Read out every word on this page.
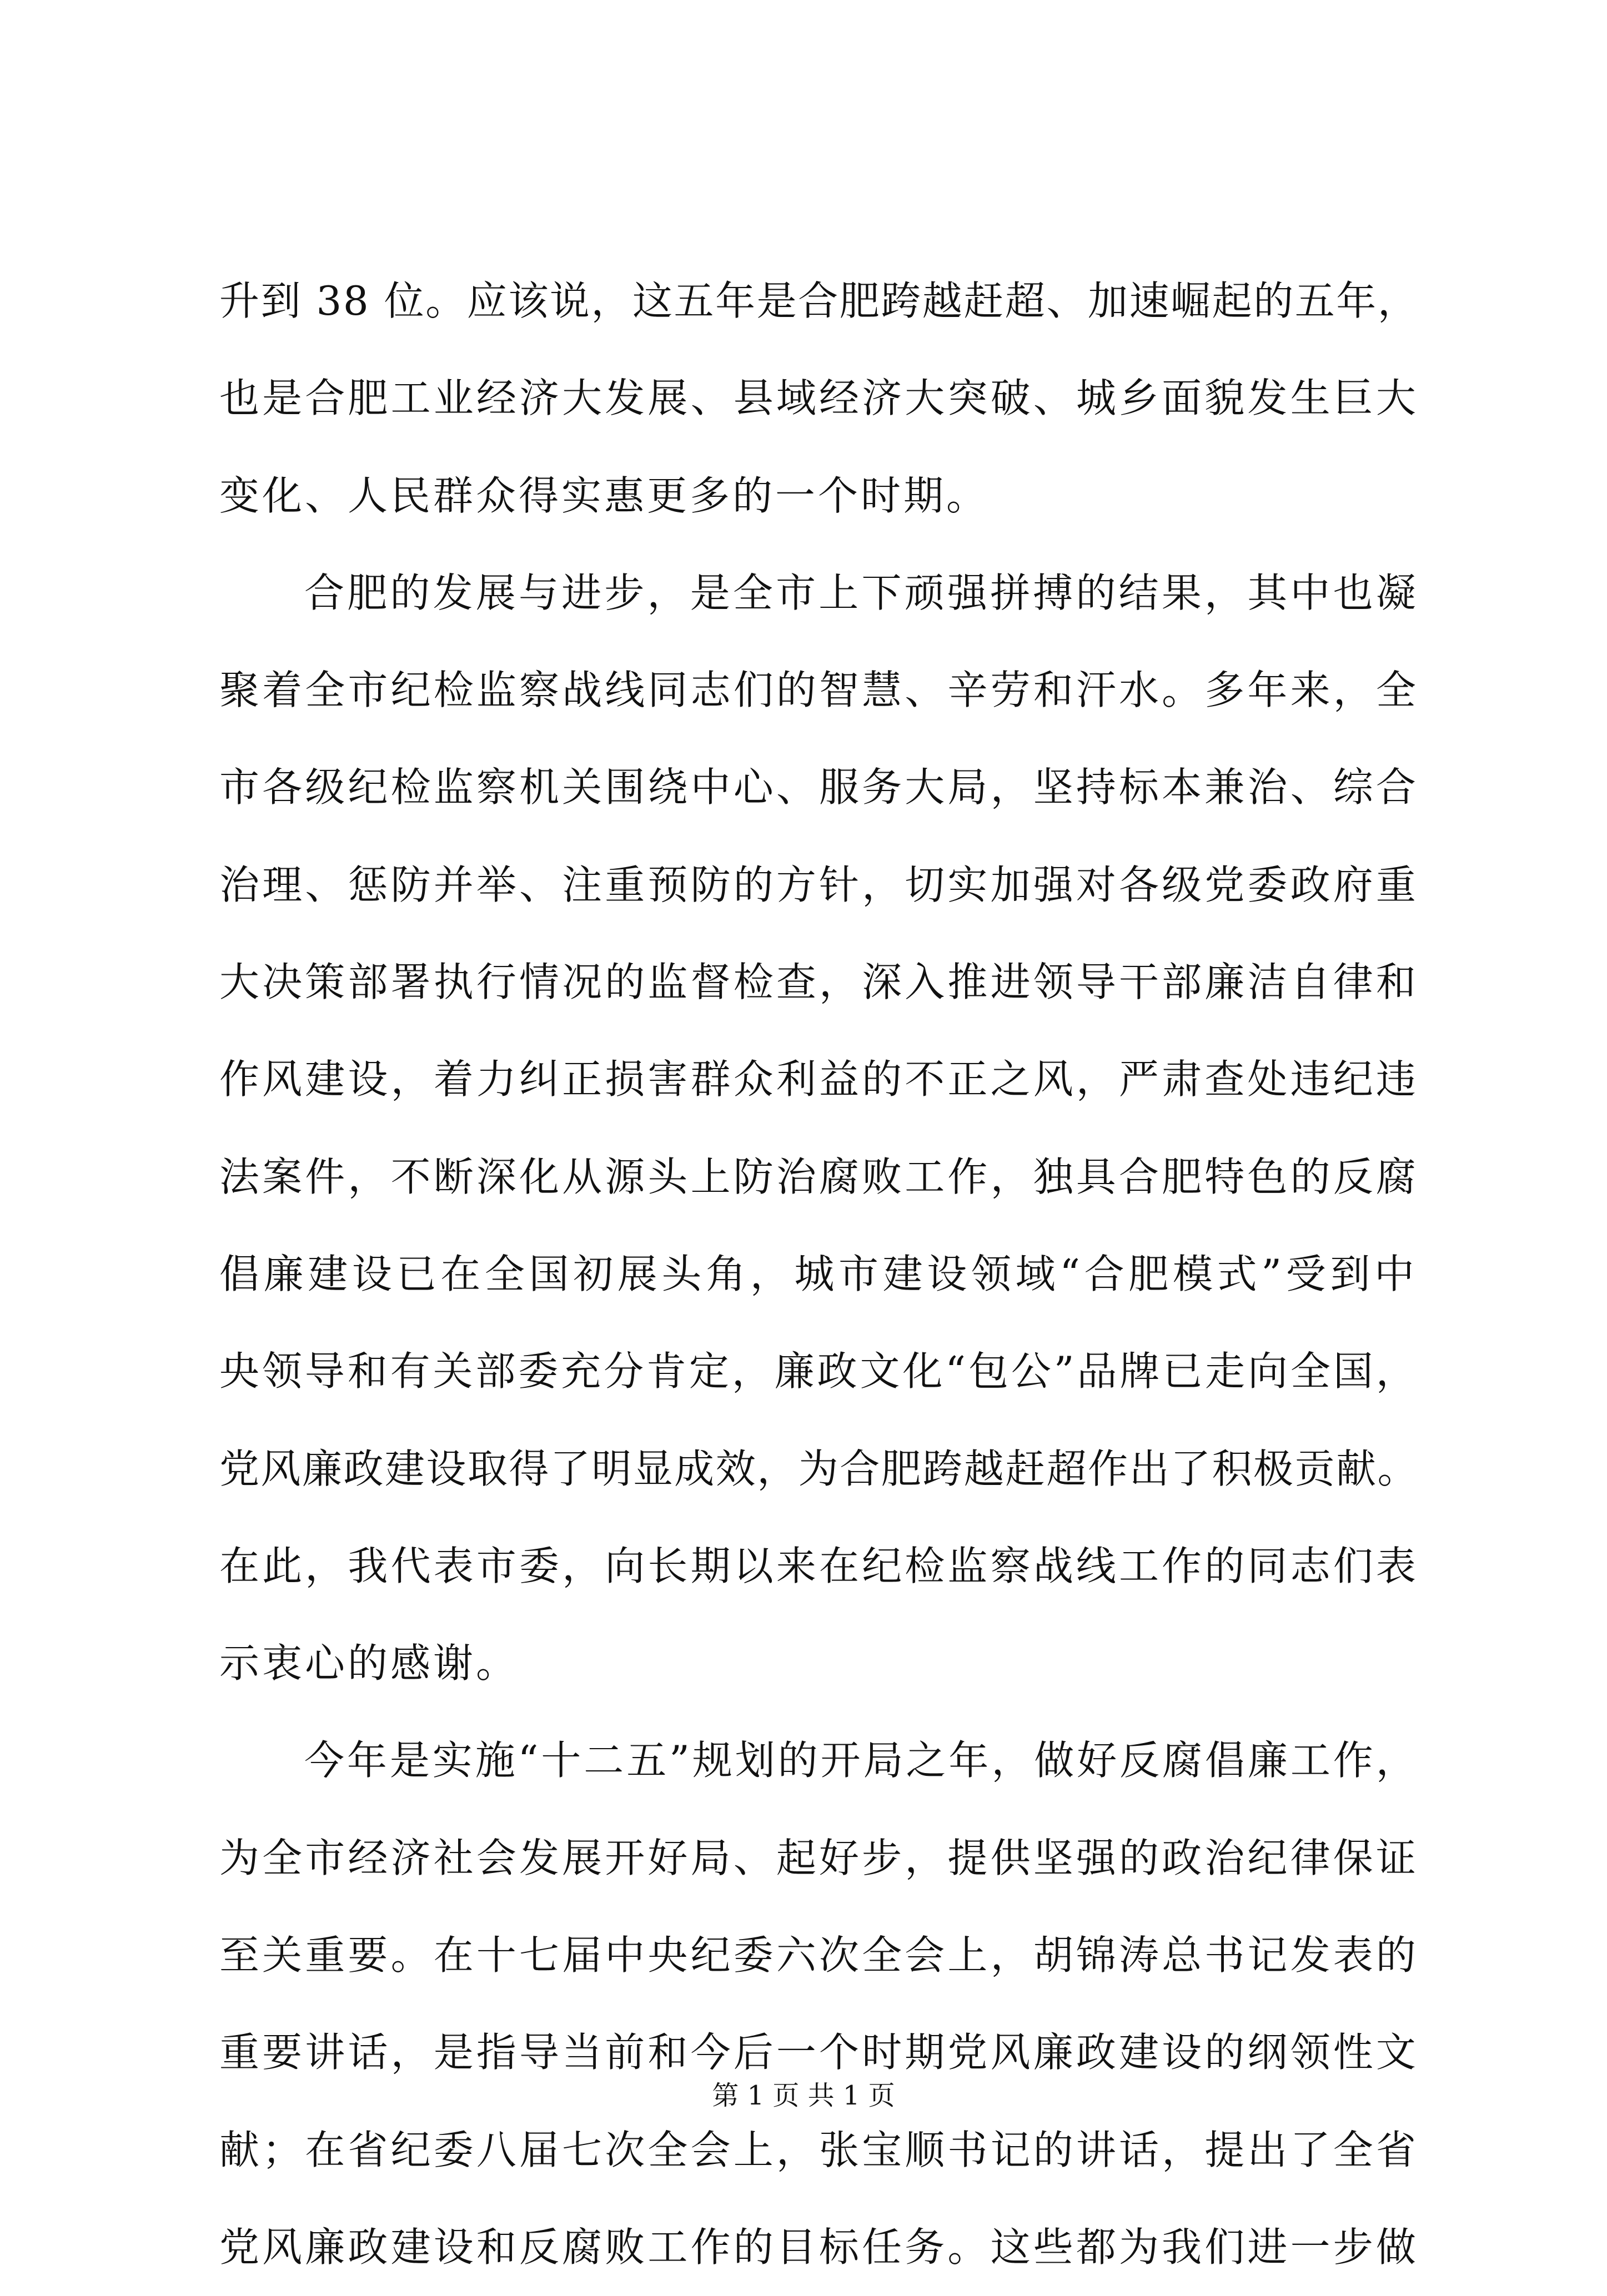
升到 38 位。应该说，这五年是合肥跨越赶超、加速崛起的五年，
也是合肥工业经济大发展、县域经济大突破、城乡面貌发生巨大
变化、人民群众得实惠更多的一个时期。
合肥的发展与进步，是全市上下顽强拼搏的结果，其中也凝
聚着全市纪检监察战线同志们的智慧、辛劳和汗水。多年来，全
市各级纪检监察机关围绕中心、服务大局，坚持标本兼治、综合
治理、惩防并举、注重预防的方针，切实加强对各级党委政府重
大决策部署执行情况的监督检查，深入推进领导干部廉洁自律和
作风建设，着力纠正损害群众利益的不正之风，严肃查处违纪违
法案件，不断深化从源头上防治腐败工作，独具合肥特色的反腐
倡廉建设已在全国初展头角，城市建设领域“合肥模式”受到中
央领导和有关部委充分肯定，廉政文化“包公”品牌已走向全国，
党风廉政建设取得了明显成效，为合肥跨越赶超作出了积极贡献。
在此，我代表市委，向长期以来在纪检监察战线工作的同志们表
示衷心的感谢。
今年是实施“十二五”规划的开局之年，做好反腐倡廉工作，
为全市经济社会发展开好局、起好步，提供坚强的政治纪律保证
至关重要。在十七届中央纪委六次全会上，胡锦涛总书记发表的
重要讲话，是指导当前和今后一个时期党风廉政建设的纲领性文
献；在省纪委八届七次全会上，张宝顺书记的讲话，提出了全省
党风廉政建设和反腐败工作的目标任务。这些都为我们进一步做
第 1 页 共 1 页
